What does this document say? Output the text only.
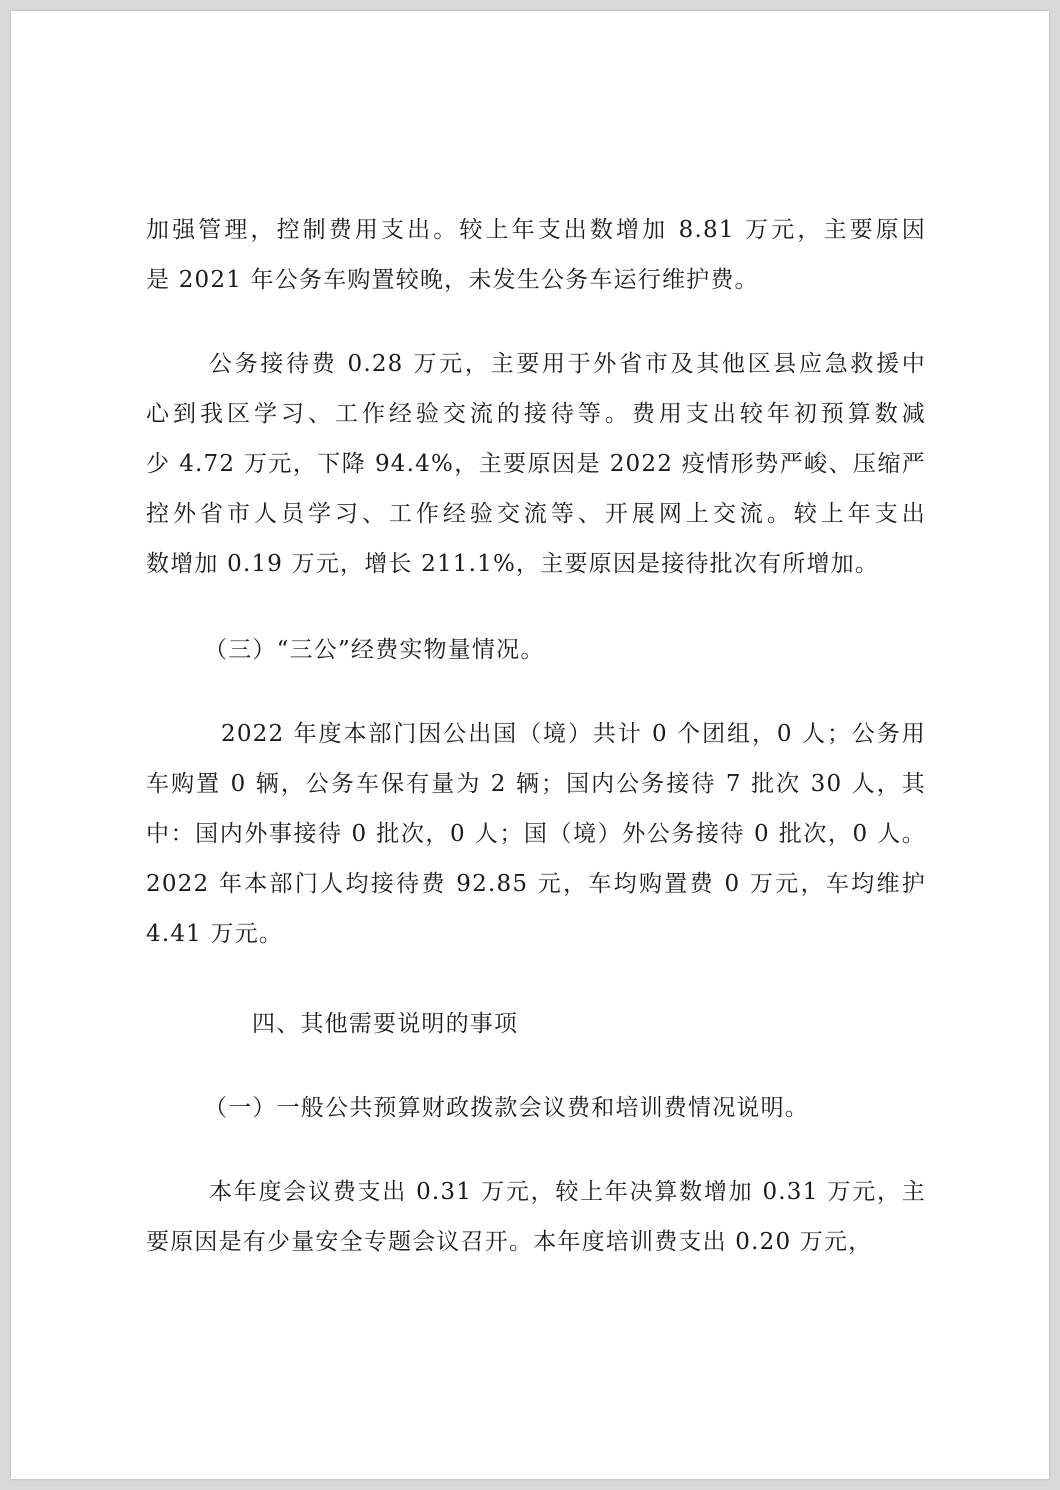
加强管理，控制费用支出。较上年支出数增加 8.81 万元，主要原因
是 2021 年公务车购置较晚，未发生公务车运行维护费。

公务接待费 0.28 万元，主要用于外省市及其他区县应急救援中
心到我区学习、工作经验交流的接待等。费用支出较年初预算数减
少 4.72 万元，下降 94.4%，主要原因是 2022 疫情形势严峻、压缩严
控外省市人员学习、工作经验交流等、开展网上交流。较上年支出
数增加 0.19 万元，增长 211.1%，主要原因是接待批次有所增加。

（三）“三公”经费实物量情况。

2022 年度本部门因公出国（境）共计 0 个团组，0 人；公务用
车购置 0 辆，公务车保有量为 2 辆；国内公务接待 7 批次 30 人，其
中：国内外事接待 0 批次，0 人；国（境）外公务接待 0 批次，0 人。
2022 年本部门人均接待费 92.85 元，车均购置费 0 万元，车均维护
4.41 万元。

四、其他需要说明的事项

（一）一般公共预算财政拨款会议费和培训费情况说明。

本年度会议费支出 0.31 万元，较上年决算数增加 0.31 万元，主
要原因是有少量安全专题会议召开。本年度培训费支出 0.20 万元，
